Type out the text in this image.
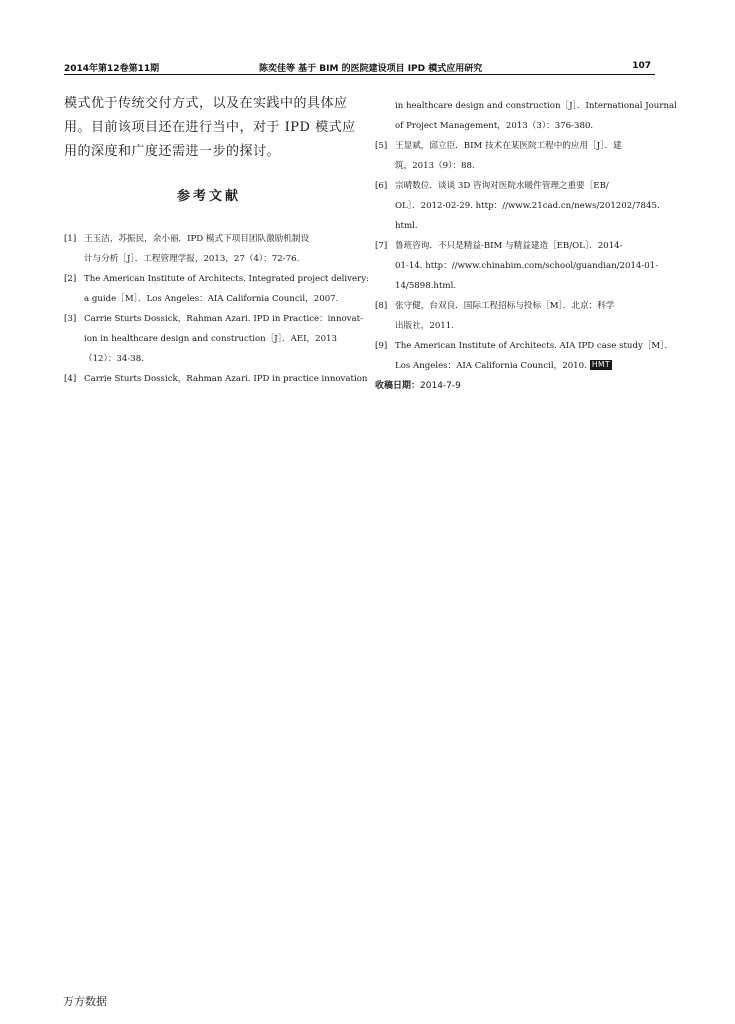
2014年第12卷第11期	陈奕佳等 基于 BIM 的医院建设项目 IPD 模式应用研究	107

模式优于传统交付方式，以及在实践中的具体应
用。目前该项目还在进行当中，对于 IPD 模式应
用的深度和广度还需进一步的探讨。

参考文献
[1] 王玉洁，苏振民，余小丽．IPD 模式下项目团队激励机制设
计与分析［J］．工程管理学报，2013，27（4）：72-76.
[2] The American Institute of Architects. Integrated project delivery:
a guide［M］．Los Angeles：AIA California Council，2007.
[3] Carrie Sturts Dossick，Rahman Azari. IPD in Practice：innovat-
ion in healthcare design and construction［J］．AEI，2013
（12）：34-38.
[4] Carrie Sturts Dossick，Rahman Azari. IPD in practice innovation
in healthcare design and construction［J］．International Journal
of Project Management，2013（3）：376-380.
[5] 王显斌，邱立臣．BIM 技术在某医院工程中的应用［J］．建
筑，2013（9）：88.
[6] 宗晴数位．谈谈 3D 咨询对医院水暖件管理之重要［EB/
OL］．2012-02-29. http：//www.21cad.cn/news/201202/7845.
html.
[7] 鲁班咨询．不只是精益-BIM 与精益建造［EB/OL］．2014-
01-14. http：//www.chinabim.com/school/guandian/2014-01-
14/5898.html.
[8] 张守健，台双良．国际工程招标与投标［M］．北京：科学
出版社，2011.
[9] The American Institute of Architects. AIA IPD case study［M］．
Los Angeles：AIA California Council，2010. HMT
收稿日期：2014-7-9
万方数据
